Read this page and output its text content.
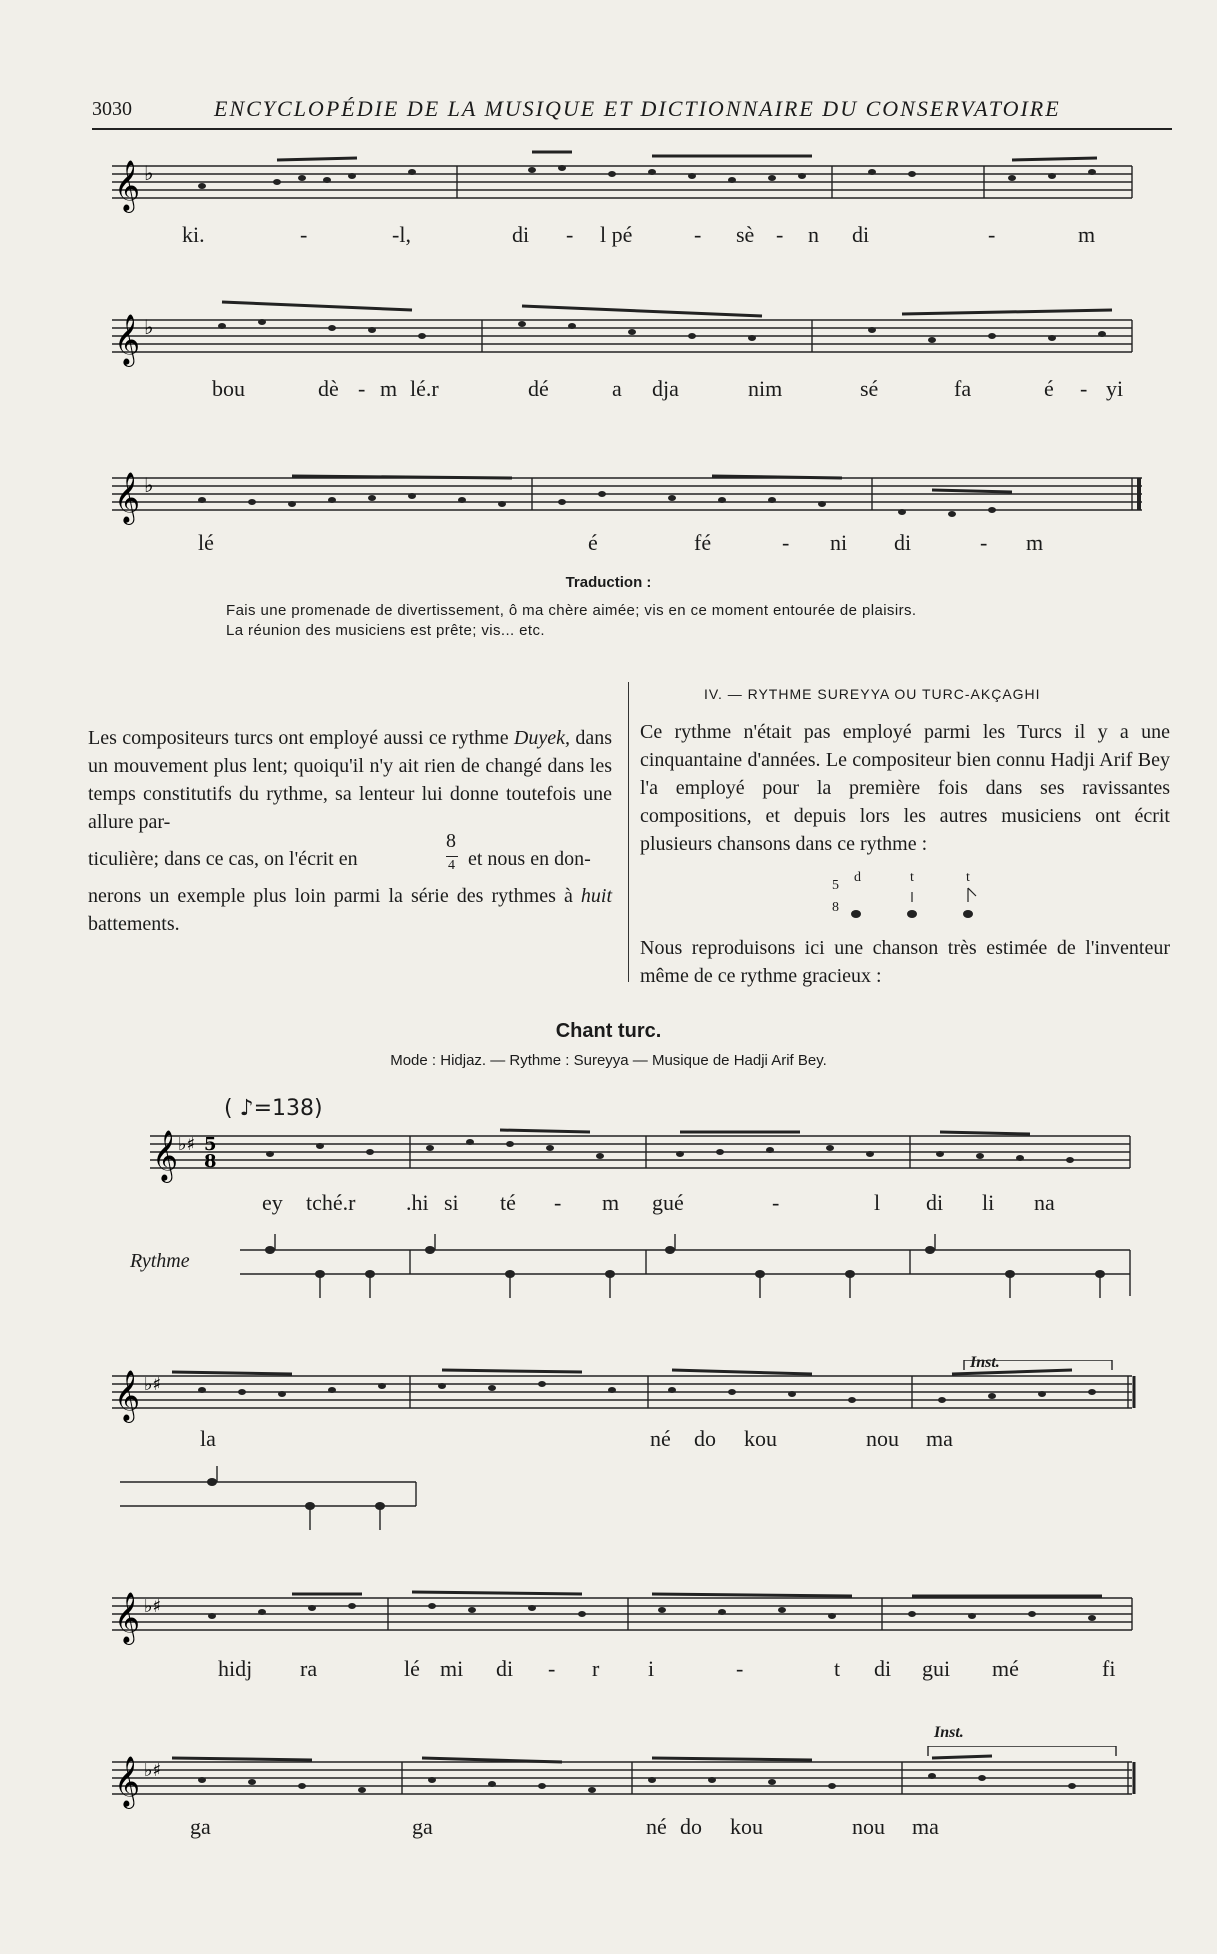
3030	ENCYCLOPÉDIE DE LA MUSIQUE ET DICTIONNAIRE DU CONSERVATOIRE
𝄞 ♭
ki.	-	-l,	di - l pé	- sè - n di	-	m
𝄞 ♭
bou	dè - m lé.r	dé	a dja	nim	sé	fa	é - yi
𝄞 ♭
lé	é	fé	- ni di	- m
Traduction :
Fais une promenade de divertissement, ô ma chère aimée; vis en ce moment entourée de plaisirs.
La réunion des musiciens est prête; vis... etc.
Les compositeurs turcs ont employé aussi ce rythme Duyek, dans un mouvement plus lent; quoiqu'il n'y ait rien de changé dans les temps constitutifs du rythme, sa lenteur lui donne toutefois une allure par-
ticulière; dans ce cas, on l'écrit en
8
4 et nous en don-
nerons un exemple plus loin parmi la série des rythmes à huit battements.
IV. — RYTHME SUREYYA OU TURC-AKÇAGHI
Ce rythme n'était pas employé parmi les Turcs il y a une cinquantaine d'années. Le compositeur bien connu Hadji Arif Bey l'a employé pour la première fois dans ses ravissantes compositions, et depuis lors les autres musiciens ont écrit plusieurs chansons dans ce rythme :
5
8
d	t	t
Nous reproduisons ici une chanson très estimée de l'inventeur même de ce rythme gracieux :
Chant turc.
Mode : Hidjaz. — Rythme : Sureyya — Musique de Hadji Arif Bey.
( ♪=138)
𝄞 ♭♯ 5
8
ey tché.r .hi si té - m gué	-	l di li na
Rythme
𝄞 ♭♯
Inst.
la	né do kou	nou ma
𝄞 ♭♯
hidj ra	lé mi di - r i	-	t di gui mé	fi
𝄞 ♭♯
Inst.
ga	ga	né do kou	nou ma
